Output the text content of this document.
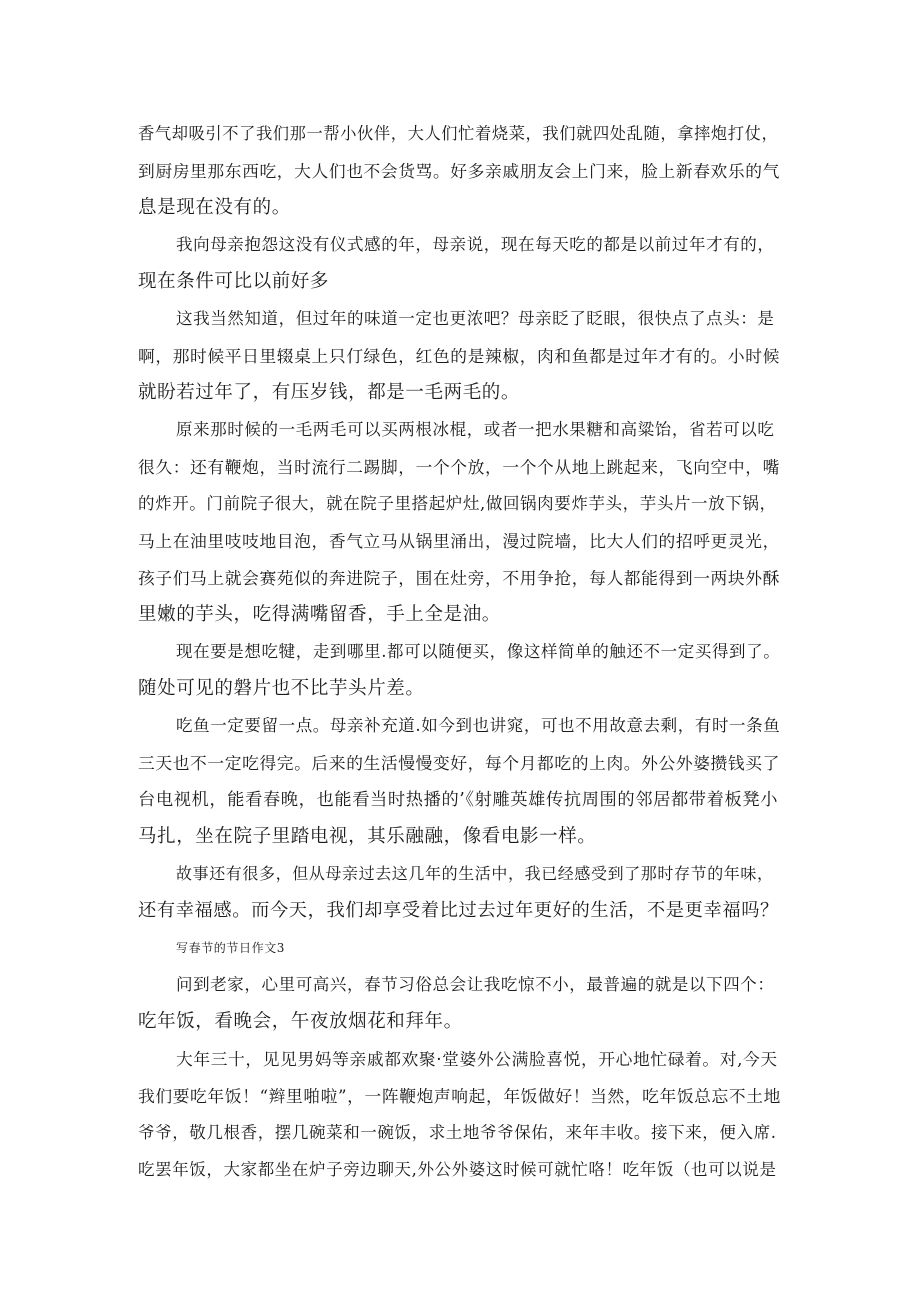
香气却吸引不了我们那一帮小伙伴，大人们忙着烧菜，我们就四处乱随，拿摔炮打仗，
到厨房里那东西吃，大人们也不会货骂。好多亲戚朋友会上门来，脸上新春欢乐的气
息是现在没有的。
我向母亲抱怨这没有仪式感的年，母亲说，现在每天吃的都是以前过年才有的，
现在条件可比以前好多
这我当然知道，但过年的味道一定也更浓吧？母亲眨了眨眼，很快点了点头：是
啊，那时候平日里辍桌上只仃绿色，红色的是辣椒，肉和鱼都是过年才有的。小时候
就盼若过年了，有压岁钱，都是一毛两毛的。
原来那时候的一毛两毛可以买两根冰棍，或者一把水果糖和高粱饴，省若可以吃
很久：还有鞭炮，当时流行二踢脚，一个个放，一个个从地上跳起来，飞向空中，嘴
的炸开。门前院子很大，就在院子里搭起炉灶,做回锅肉要炸芋头，芋头片一放下锅，
马上在油里吱吱地目泡，香气立马从锅里涌出，漫过院墙，比大人们的招呼更灵光，
孩子们马上就会赛苑似的奔进院子，围在灶旁，不用争抢，每人都能得到一两块外酥
里嫩的芋头，吃得满嘴留香，手上全是油。
现在要是想吃犍，走到哪里.都可以随便买，像这样简单的触还不一定买得到了。
随处可见的磐片也不比芋头片差。
吃鱼一定要留一点。母亲补充道.如今到也讲窕，可也不用故意去剩，有时一条鱼
三天也不一定吃得完。后来的生活慢慢变好，每个月都吃的上肉。外公外婆攒钱买了
台电视机，能看春晚，也能看当时热播的’《射雕英雄传抗周围的邻居都带着板凳小
马扎，坐在院子里踏电视，其乐融融，像看电影一样。
故事还有很多，但从母亲过去这几年的生活中，我已经感受到了那时存节的年味，
还有幸福感。而今天，我们却享受着比过去过年更好的生活，不是更幸福吗？
写春节的节日作文3
问到老家，心里可高兴，春节习俗总会让我吃惊不小，最普遍的就是以下四个：
吃年饭，看晚会，午夜放烟花和拜年。
大年三十，见见男妈等亲戚都欢聚·堂婆外公满脸喜悦，开心地忙碌着。对,今天
我们要吃年饭！“辫里啪啦”，一阵鞭炮声响起，年饭做好！当然，吃年饭总忘不土地
爷爷，敬几根香，摆几碗菜和一碗饭，求土地爷爷保佑，来年丰收。接下来，便入席.
吃罢年饭，大家都坐在炉子旁边聊天,外公外婆这时候可就忙咯！吃年饭（也可以说是
